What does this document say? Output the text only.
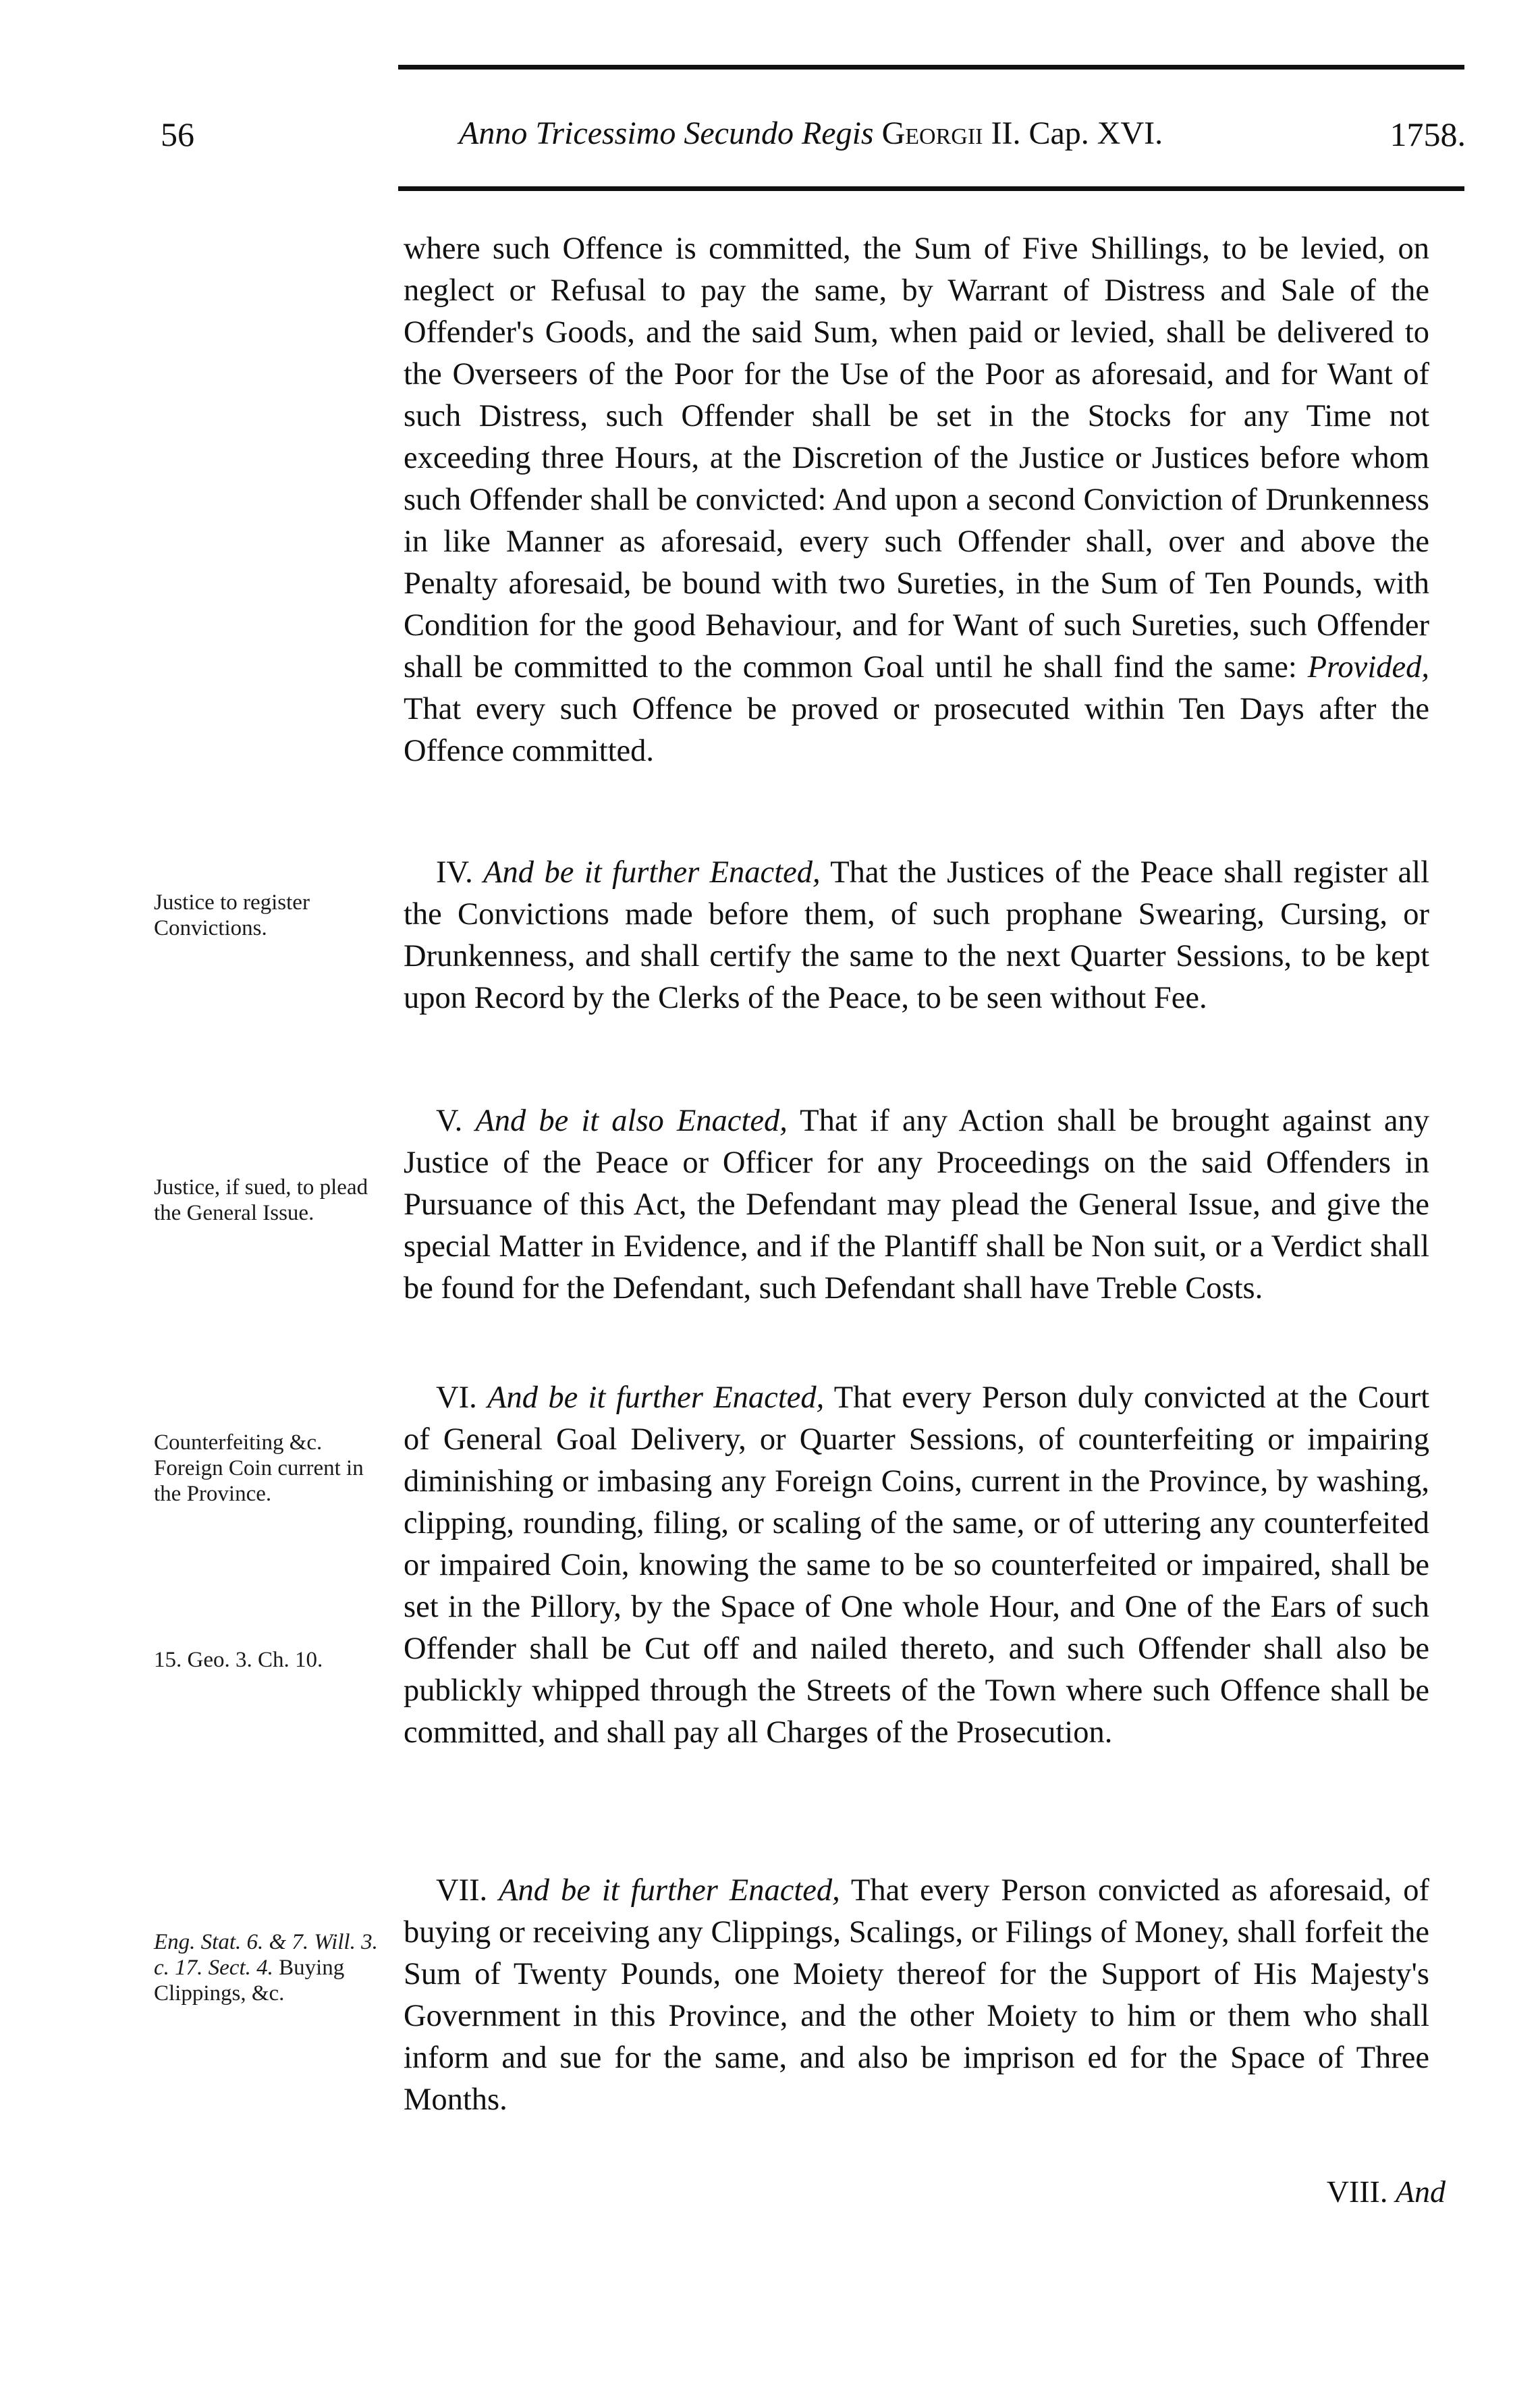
56	Anno Tricessimo Secundo Regis Georgii II. Cap. XVI.	1758.

where such Offence is committed, the Sum of Five Shillings, to be levied, on neglect or Refusal to pay the same, by Warrant of Distress and Sale of the Offender's Goods, and the said Sum, when paid or levied, shall be delivered to the Overseers of the Poor for the Use of the Poor as aforesaid, and for Want of such Distress, such Offender shall be set in the Stocks for any Time not exceeding three Hours, at the Discretion of the Justice or Justices before whom such Offender shall be convicted: And upon a second Conviction of Drunkenness in like Manner as aforesaid, every such Offender shall, over and above the Penalty aforesaid, be bound with two Sureties, in the Sum of Ten Pounds, with Condition for the good Behaviour, and for Want of such Sureties, such Offender shall be committed to the common Goal until he shall find the same: Provided, That every such Offence be proved or prosecuted within Ten Days after the Offence committed.

IV. And be it further Enacted, That the Justices of the Peace shall register all the Convictions made before them, of such prophane Swearing, Cursing, or Drunkenness, and shall certify the same to the next Quarter Sessions, to be kept upon Record by the Clerks of the Peace, to be seen without Fee.

V. And be it also Enacted, That if any Action shall be brought against any Justice of the Peace or Officer for any Proceedings on the said Offenders in Pursuance of this Act, the Defendant may plead the General Issue, and give the special Matter in Evidence, and if the Plantiff shall be Non suit, or a Verdict shall be found for the Defendant, such Defendant shall have Treble Costs.

VI. And be it further Enacted, That every Person duly convicted at the Court of General Goal Delivery, or Quarter Sessions, of counterfeiting or impairing diminishing or imbasing any Foreign Coins, current in the Province, by washing, clipping, rounding, filing, or scaling of the same, or of uttering any counterfeited or impaired Coin, knowing the same to be so counterfeited or impaired, shall be set in the Pillory, by the Space of One whole Hour, and One of the Ears of such Offender shall be Cut off and nailed thereto, and such Offender shall also be publickly whipped through the Streets of the Town where such Offence shall be committed, and shall pay all Charges of the Prosecution.

VII. And be it further Enacted, That every Person convicted as aforesaid, of buying or receiving any Clippings, Scalings, or Filings of Money, shall forfeit the Sum of Twenty Pounds, one Moiety thereof for the Support of His Majesty's Government in this Province, and the other Moiety to him or them who shall inform and sue for the same, and also be imprison ed for the Space of Three Months.

VIII. And
Justice to register Convictions.
Justice, if sued, to plead the General Issue.
Counterfeiting &c. Foreign Coin current in the Province.
15. Geo. 3. Ch. 10.
Eng. Stat. 6. & 7. Will. 3. c. 17. Sect. 4. Buying Clippings, &c.
